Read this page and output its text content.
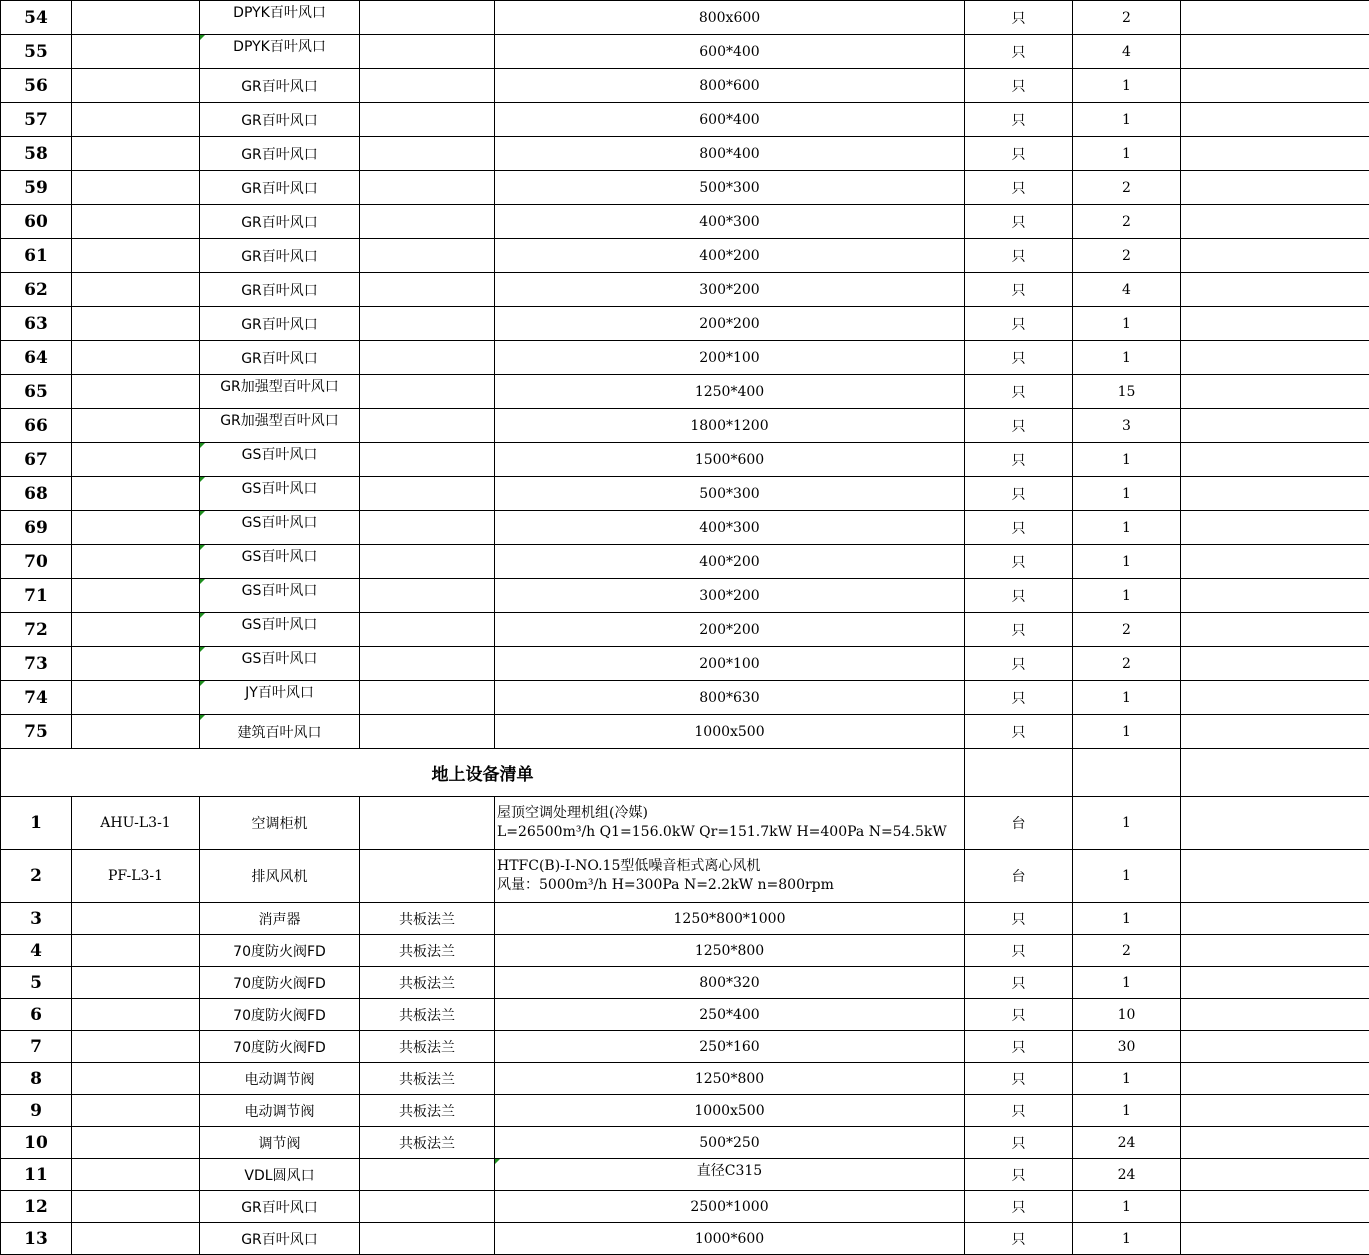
54		DPYK百叶风口		800x600	只	2	
55		DPYK百叶风口		600*400	只	4	
56		GR百叶风口		800*600	只	1	
57		GR百叶风口		600*400	只	1	
58		GR百叶风口		800*400	只	1	
59		GR百叶风口		500*300	只	2	
60		GR百叶风口		400*300	只	2	
61		GR百叶风口		400*200	只	2	
62		GR百叶风口		300*200	只	4	
63		GR百叶风口		200*200	只	1	
64		GR百叶风口		200*100	只	1	
65		GR加强型百叶风口		1250*400	只	15	
66		GR加强型百叶风口		1800*1200	只	3	
67		GS百叶风口		1500*600	只	1	
68		GS百叶风口		500*300	只	1	
69		GS百叶风口		400*300	只	1	
70		GS百叶风口		400*200	只	1	
71		GS百叶风口		300*200	只	1	
72		GS百叶风口		200*200	只	2	
73		GS百叶风口		200*100	只	2	
74		JY百叶风口		800*630	只	1	
75		建筑百叶风口		1000x500	只	1	
地上设备清单							
1	AHU-L3-1	空调柜机		屋顶空调处理机组(冷媒)
L=26500m³/h Q1=156.0kW Qr=151.7kW H=400Pa N=54.5kW	台	1	
2	PF-L3-1	排风风机		HTFC(B)-I-NO.15型低噪音柜式离心风机
风量：5000m³/h H=300Pa N=2.2kW n=800rpm	台	1	
3		消声器	共板法兰	1250*800*1000	只	1	
4		70度防火阀FD	共板法兰	1250*800	只	2	
5		70度防火阀FD	共板法兰	800*320	只	1	
6		70度防火阀FD	共板法兰	250*400	只	10	
7		70度防火阀FD	共板法兰	250*160	只	30	
8		电动调节阀	共板法兰	1250*800	只	1	
9		电动调节阀	共板法兰	1000x500	只	1	
10		调节阀	共板法兰	500*250	只	24	
11		VDL圆风口		直径C315	只	24	
12		GR百叶风口		2500*1000	只	1	
13		GR百叶风口		1000*600	只	1	
